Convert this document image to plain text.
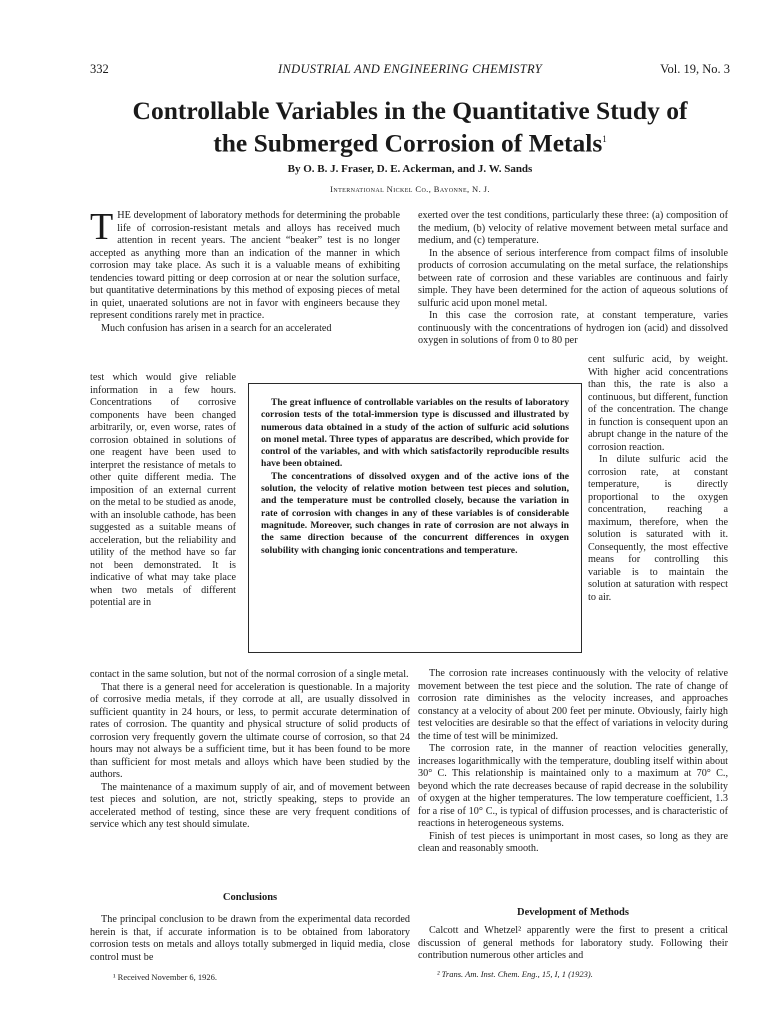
332	INDUSTRIAL AND ENGINEERING CHEMISTRY	Vol. 19, No. 3
Controllable Variables in the Quantitative Study of
the Submerged Corrosion of Metals$^1$
By O. B. J. Fraser, D. E. Ackerman, and J. W. Sands
International Nickel Co., Bayonne, N. J.

THE development of laboratory methods for determining the probable life of corrosion-resistant metals and alloys has received much attention in recent years. The ancient “beaker” test is no longer accepted as anything more than an indication of the manner in which corrosion may take place. As such it is a valuable means of exhibiting tendencies toward pitting or deep corrosion at or near the solution surface, but quantitative determinations by this method of exposing pieces of metal in quiet, unaerated solutions are not in favor with engineers because they represent conditions rarely met in practice.

Much confusion has arisen in a search for an accelerated

test which would give reliable information in a few hours. Concentrations of corrosive components have been changed arbitrarily, or, even worse, rates of corrosion obtained in solutions of one reagent have been used to interpret the resistance of metals to other quite different media. The imposition of an external current on the metal to be studied as anode, with an insoluble cathode, has been suggested as a suitable means of acceleration, but the reliability and utility of the method have so far not been demonstrated. It is indicative of what may take place when two metals of different potential are in

The great influence of controllable variables on the results of laboratory corrosion tests of the total-immersion type is discussed and illustrated by numerous data obtained in a study of the action of sulfuric acid solutions on monel metal. Three types of apparatus are described, which provide for control of the variables, and with which satisfactorily reproducible results have been obtained.

The concentrations of dissolved oxygen and of the active ions of the solution, the velocity of relative motion between test pieces and solution, and the temperature must be controlled closely, because the variation in rate of corrosion with changes in any of these variables is of considerable magnitude. Moreover, such changes in rate of corrosion are not always in the same direction because of the concurrent differences in oxygen solubility with changing ionic concentrations and temperature.

contact in the same solution, but not of the normal corrosion of a single metal.

That there is a general need for acceleration is questionable. In a majority of corrosive media metals, if they corrode at all, are usually dissolved in sufficient quantity in 24 hours, or less, to permit accurate determination of rates of corrosion. The quantity and physical structure of solid products of corrosion very frequently govern the ultimate course of corrosion, so that 24 hours may not always be a sufficient time, but it has been found to be more than sufficient for most metals and alloys which have been studied by the authors.

The maintenance of a maximum supply of air, and of movement between test pieces and solution, are not, strictly speaking, steps to provide an accelerated method of testing, since these are very frequent conditions of service which any test should simulate.

Conclusions

The principal conclusion to be drawn from the experimental data recorded herein is that, if accurate information is to be obtained from laboratory corrosion tests on metals and alloys totally submerged in liquid media, close control must be

¹ Received November 6, 1926.

exerted over the test conditions, particularly these three: (a) composition of the medium, (b) velocity of relative movement between metal surface and medium, and (c) temperature.

In the absence of serious interference from compact films of insoluble products of corrosion accumulating on the metal surface, the relationships between rate of corrosion and these variables are continuous and fairly simple. They have been determined for the action of aqueous solutions of sulfuric acid upon monel metal.

In this case the corrosion rate, at constant temperature, varies continuously with the concentrations of hydrogen ion (acid) and dissolved oxygen in solutions of from 0 to 80 per

cent sulfuric acid, by weight. With higher acid concentrations than this, the rate is also a continuous, but different, function of the concentration. The change in function is consequent upon an abrupt change in the nature of the corrosion reaction.

In dilute sulfuric acid the corrosion rate, at constant temperature, is directly proportional to the oxygen concentration, reaching a maximum, therefore, when the solution is saturated with it. Consequently, the most effective means for controlling this variable is to maintain the solution at saturation with respect to air.

The corrosion rate increases continuously with the velocity of relative movement between the test piece and the solution. The rate of change of corrosion rate diminishes as the velocity increases, and approaches constancy at a velocity of about 200 feet per minute. Obviously, fairly high test velocities are desirable so that the effect of variations in velocity during the time of test will be minimized.

The corrosion rate, in the manner of reaction velocities generally, increases logarithmically with the temperature, doubling itself within about 30° C. This relationship is maintained only to a maximum at 70° C., beyond which the rate decreases because of rapid decrease in the solubility of oxygen at the higher temperatures. The low temperature coefficient, 1.3 for a rise of 10° C., is typical of diffusion processes, and is characteristic of reactions in heterogeneous systems.

Finish of test pieces is unimportant in most cases, so long as they are clean and reasonably smooth.

Development of Methods

Calcott and Whetzel² apparently were the first to present a critical discussion of general methods for laboratory study. Following their contribution numerous other articles and

² Trans. Am. Inst. Chem. Eng., 15, I, 1 (1923).
